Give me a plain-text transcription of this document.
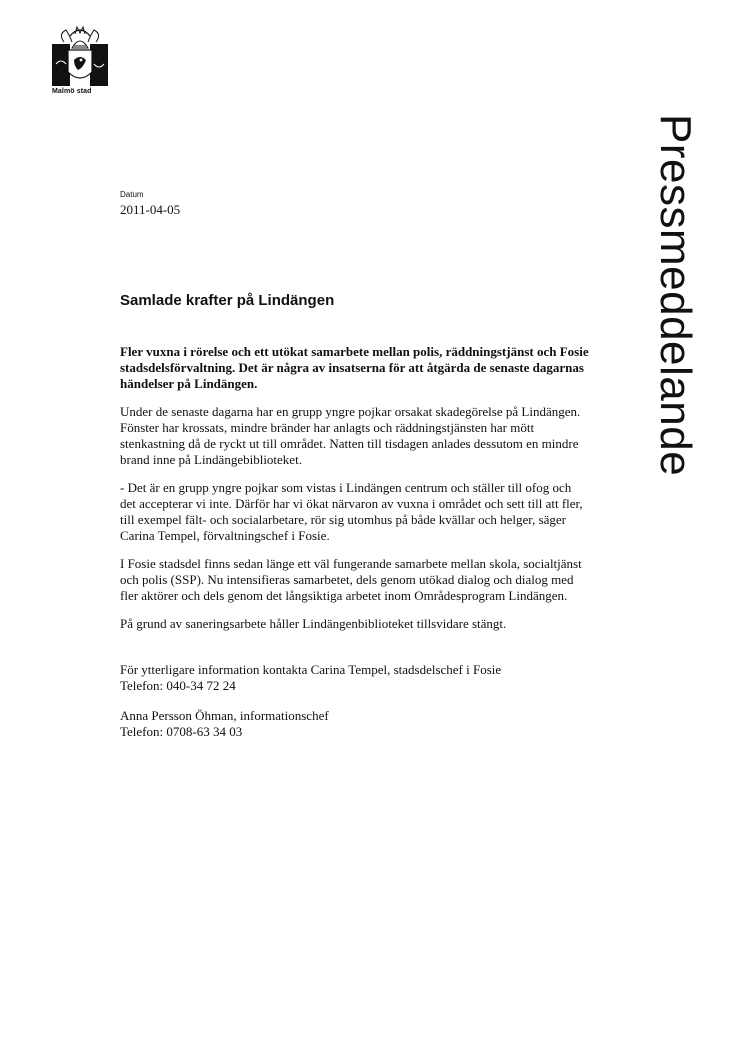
Malmö stad
Pressmeddelande

Datum

2011-04-05

Samlade krafter på Lindängen

Fler vuxna i rörelse och ett utökat samarbete mellan polis, räddningstjänst och Fosie stadsdelsförvaltning. Det är några av insatserna för att åtgärda de senaste dagarnas händelser på Lindängen.

Under de senaste dagarna har en grupp yngre pojkar orsakat skadegörelse på Lindängen. Fönster har krossats, mindre bränder har anlagts och räddningstjänsten har mött stenkastning då de ryckt ut till området. Natten till tisdagen anlades dessutom en mindre brand inne på Lindängebiblioteket.

- Det är en grupp yngre pojkar som vistas i Lindängen centrum och ställer till ofog och det accepterar vi inte. Därför har vi ökat närvaron av vuxna i området och sett till att fler, till exempel fält- och socialarbetare, rör sig utomhus på både kvällar och helger, säger Carina Tempel, förvaltningschef i Fosie.

I Fosie stadsdel finns sedan länge ett väl fungerande samarbete mellan skola, socialtjänst och polis (SSP). Nu intensifieras samarbetet, dels genom utökad dialog och dialog med fler aktörer och dels genom det långsiktiga arbetet inom Områdesprogram Lindängen.

På grund av saneringsarbete håller Lindängenbiblioteket tillsvidare stängt.

För ytterligare information kontakta Carina Tempel, stadsdelschef i Fosie

Telefon: 040-34 72 24

Anna Persson Öhman, informationschef

Telefon: 0708-63 34 03
